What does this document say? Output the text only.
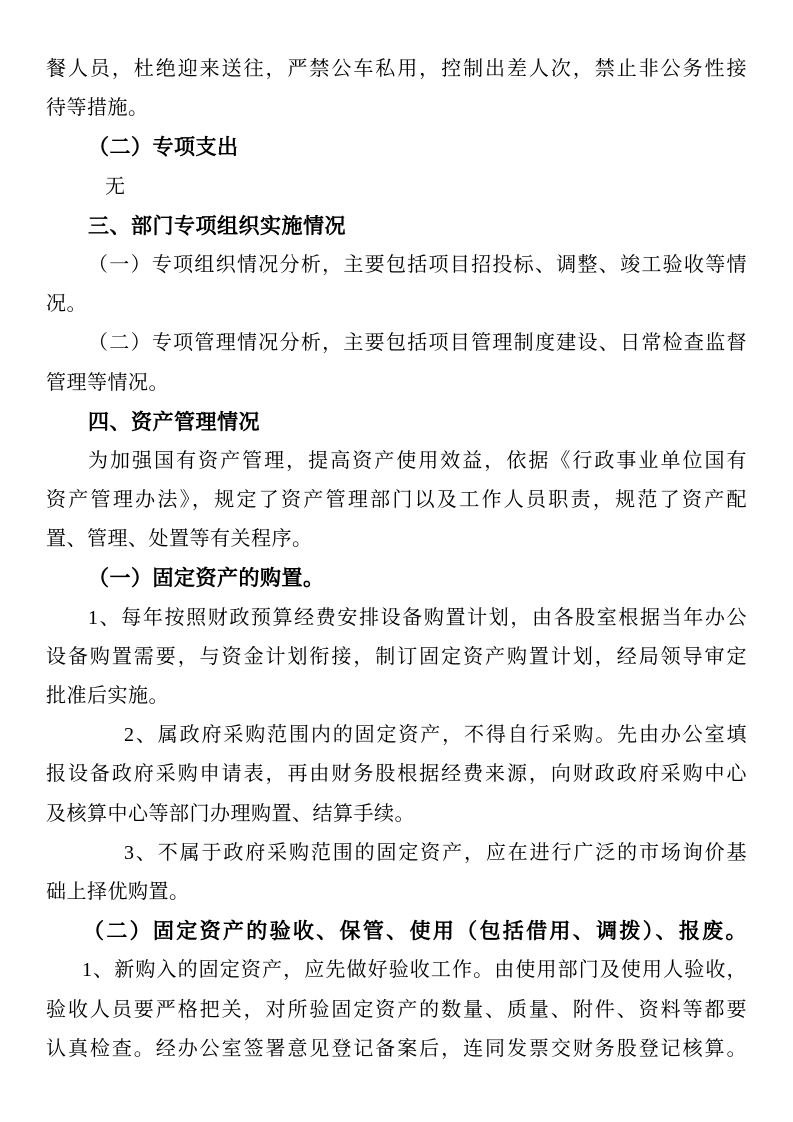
餐人员，杜绝迎来送往，严禁公车私用，控制出差人次，禁止非公务性接
待等措施。
（二）专项支出
无
三、部门专项组织实施情况
（一）专项组织情况分析，主要包括项目招投标、调整、竣工验收等情
况。
（二）专项管理情况分析，主要包括项目管理制度建设、日常检查监督
管理等情况。
四、资产管理情况
为加强国有资产管理，提高资产使用效益，依据《行政事业单位国有
资产管理办法》，规定了资产管理部门以及工作人员职责，规范了资产配
置、管理、处置等有关程序。
（一）固定资产的购置。
1、每年按照财政预算经费安排设备购置计划，由各股室根据当年办公
设备购置需要，与资金计划衔接，制订固定资产购置计划，经局领导审定
批准后实施。
2、属政府采购范围内的固定资产，不得自行采购。先由办公室填
报设备政府采购申请表，再由财务股根据经费来源，向财政政府采购中心
及核算中心等部门办理购置、结算手续。
3、不属于政府采购范围的固定资产，应在进行广泛的市场询价基
础上择优购置。
（二）固定资产的验收、保管、使用（包括借用、调拨）、报废。
1、新购入的固定资产，应先做好验收工作。由使用部门及使用人验收，
验收人员要严格把关，对所验固定资产的数量、质量、附件、资料等都要
认真检查。经办公室签署意见登记备案后，连同发票交财务股登记核算。
